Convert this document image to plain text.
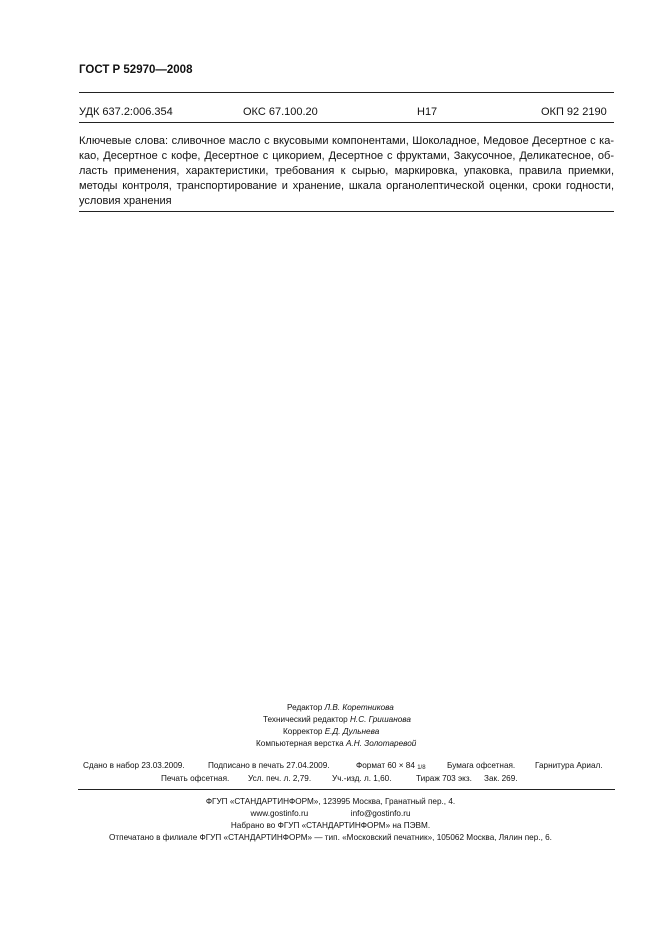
ГОСТ Р 52970—2008
УДК 637.2:006.354	ОКС 67.100.20	Н17	ОКП 92 2190
Ключевые слова: сливочное масло с вкусовыми компонентами, Шоколадное, Медовое Десертное с ка-
као, Десертное с кофе, Десертное с цикорием, Десертное с фруктами, Закусочное, Деликатесное, об-
ласть применения, характеристики, требования к сырью, маркировка, упаковка, правила приемки,
методы контроля, транспортирование и хранение, шкала органолептической оценки, сроки годности,
условия хранения
Редактор Л.В. Коретникова
Технический редактор Н.С. Гришанова
Корректор Е.Д. Дульнева
Компьютерная верстка А.Н. Золотаревой
Сдано в набор 23.03.2009.	Подписано в печать 27.04.2009.	Формат 60 × 84 1/8	Бумага офсетная. Гарнитура Ариал.
Печать офсетная. Усл. печ. л. 2,79.	Уч.-изд. л. 1,60.	Тираж 703 экз. Зак. 269.
ФГУП «СТАНДАРТИНФОРМ», 123995 Москва, Гранатный пер., 4.
www.gostinfo.ru	info@gostinfo.ru
Набрано во ФГУП «СТАНДАРТИНФОРМ» на ПЭВМ.
Отпечатано в филиале ФГУП «СТАНДАРТИНФОРМ» — тип. «Московский печатник», 105062 Москва, Лялин пер., 6.
